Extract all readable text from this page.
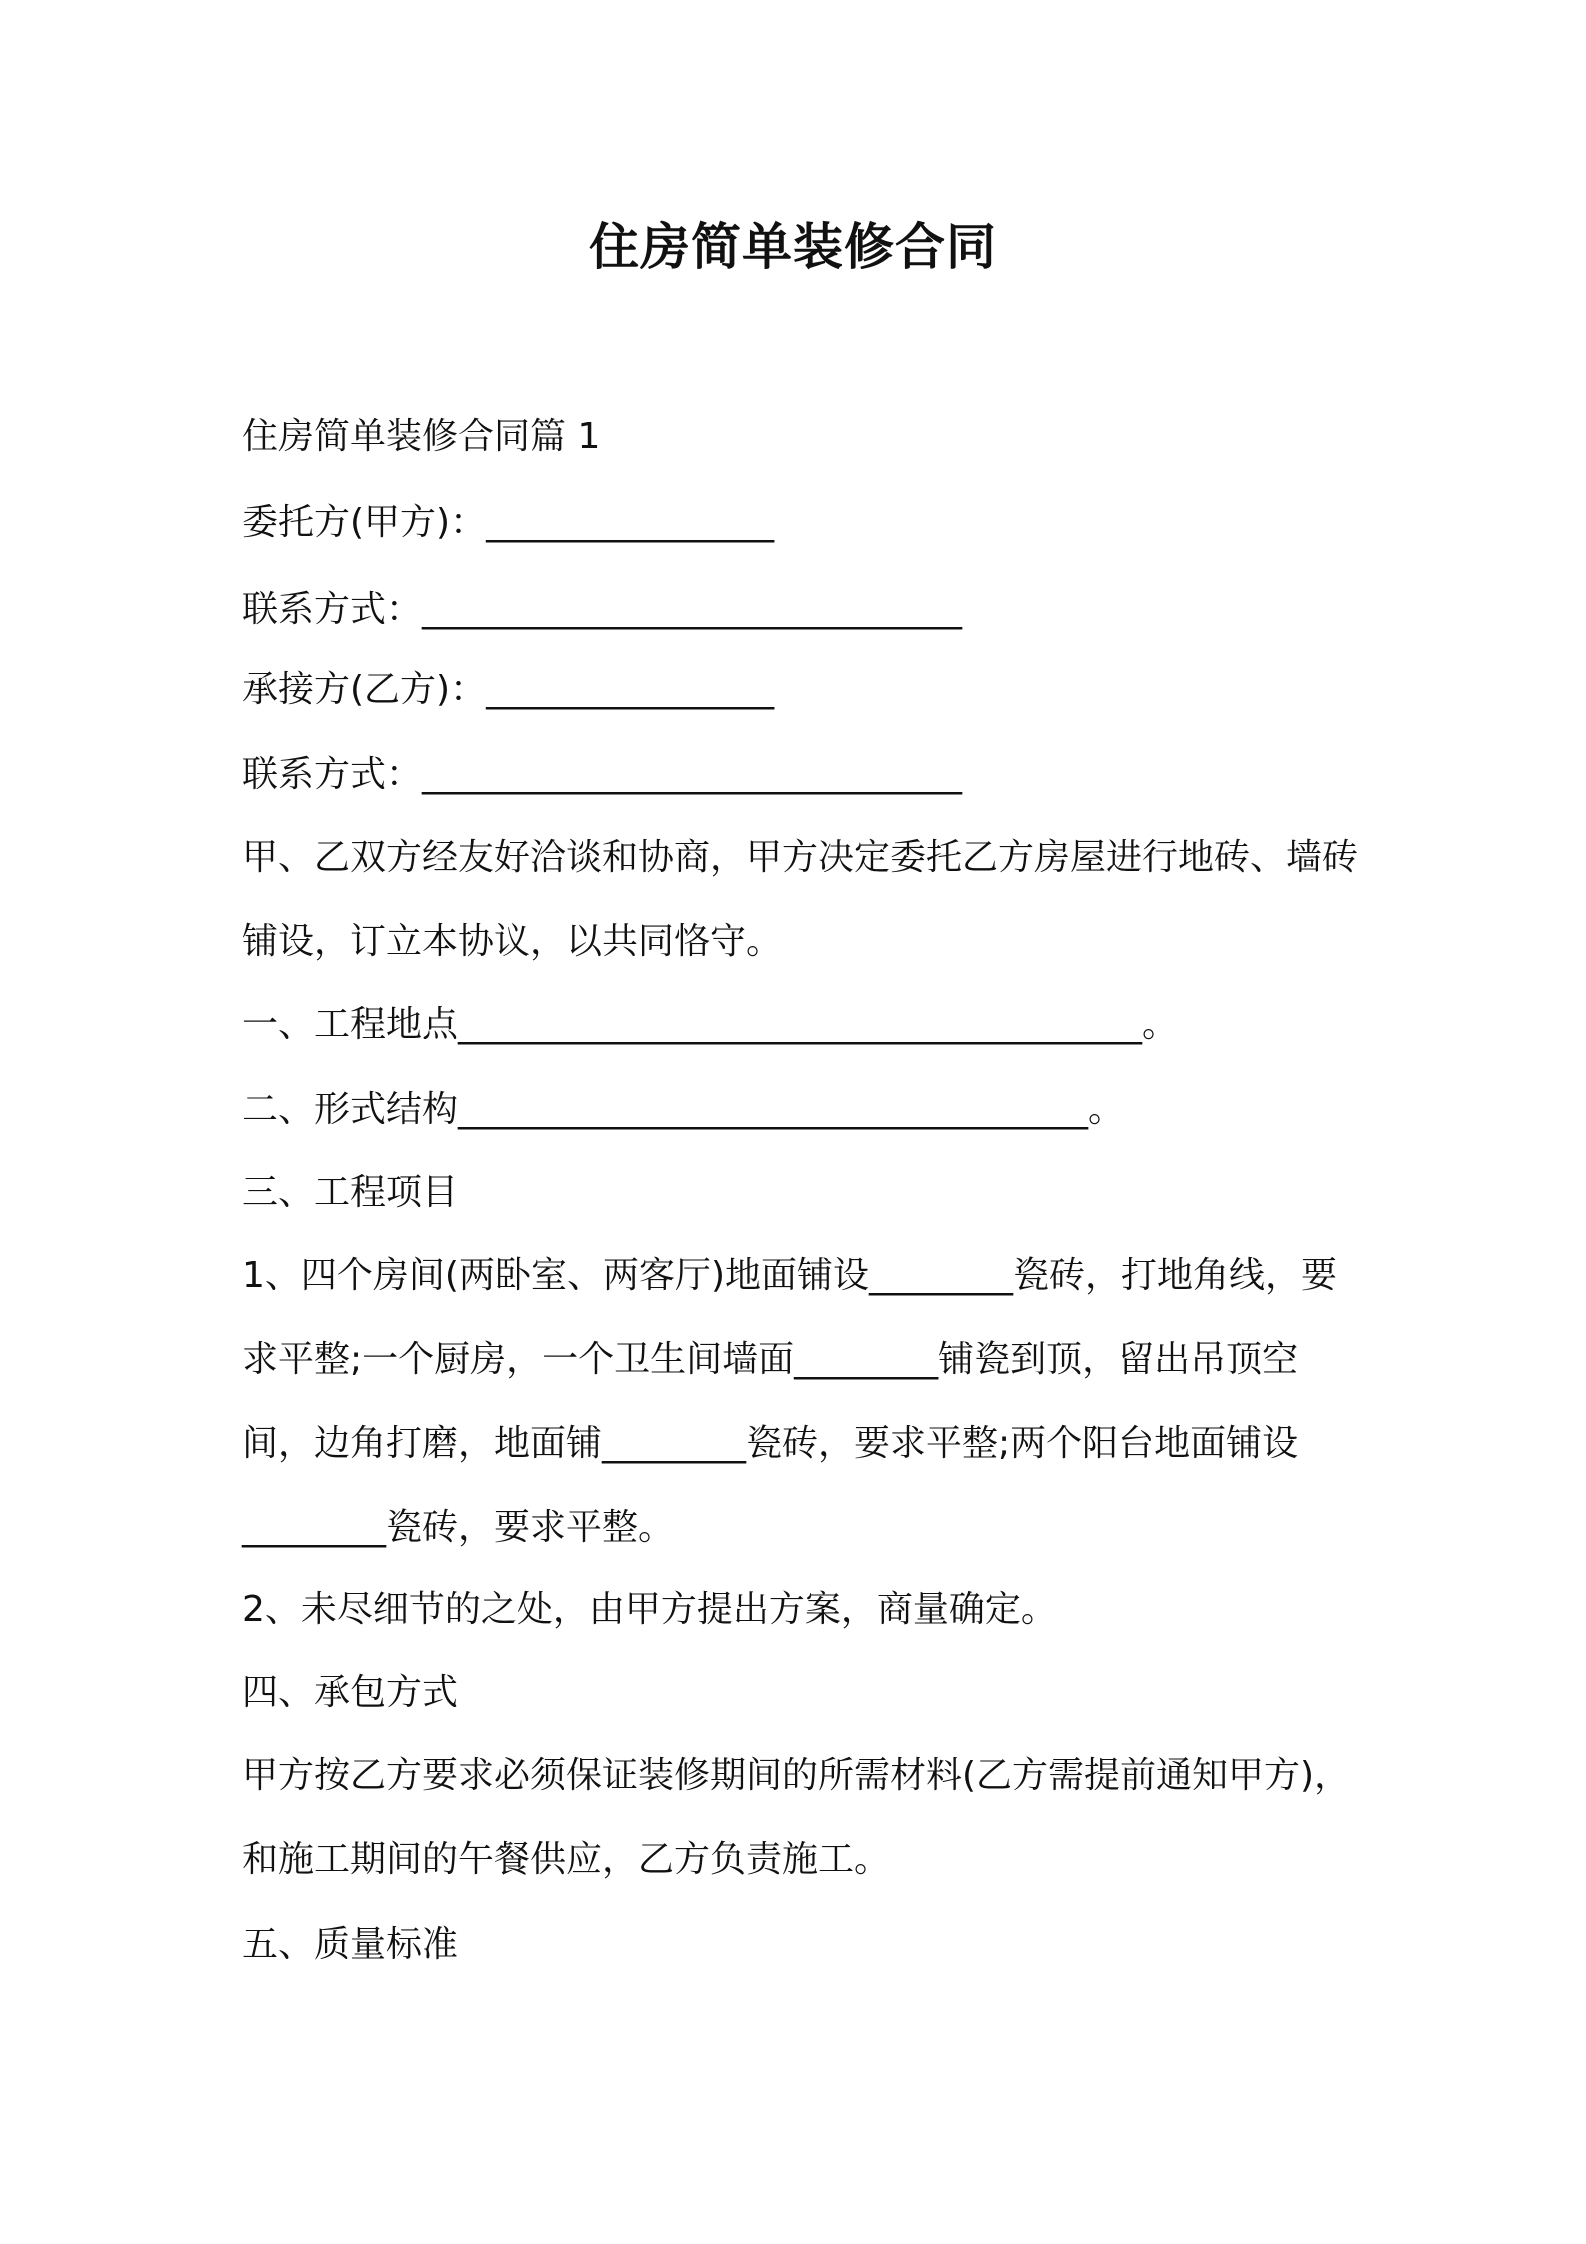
住房简单装修合同
住房简单装修合同篇 1
委托方(甲方)：________________
联系方式：______________________________
承接方(乙方)：________________
联系方式：______________________________
甲、乙双方经友好洽谈和协商，甲方决定委托乙方房屋进行地砖、墙砖铺设，订立本协议，以共同恪守。
一、工程地点______________________________________。
二、形式结构___________________________________。
三、工程项目
1、四个房间(两卧室、两客厅)地面铺设________瓷砖，打地角线，要求平整;一个厨房，一个卫生间墙面________铺瓷到顶，留出吊顶空间，边角打磨，地面铺________瓷砖，要求平整;两个阳台地面铺设________瓷砖，要求平整。
2、未尽细节的之处，由甲方提出方案，商量确定。
四、承包方式
甲方按乙方要求必须保证装修期间的所需材料(乙方需提前通知甲方)，和施工期间的午餐供应，乙方负责施工。
五、质量标准
